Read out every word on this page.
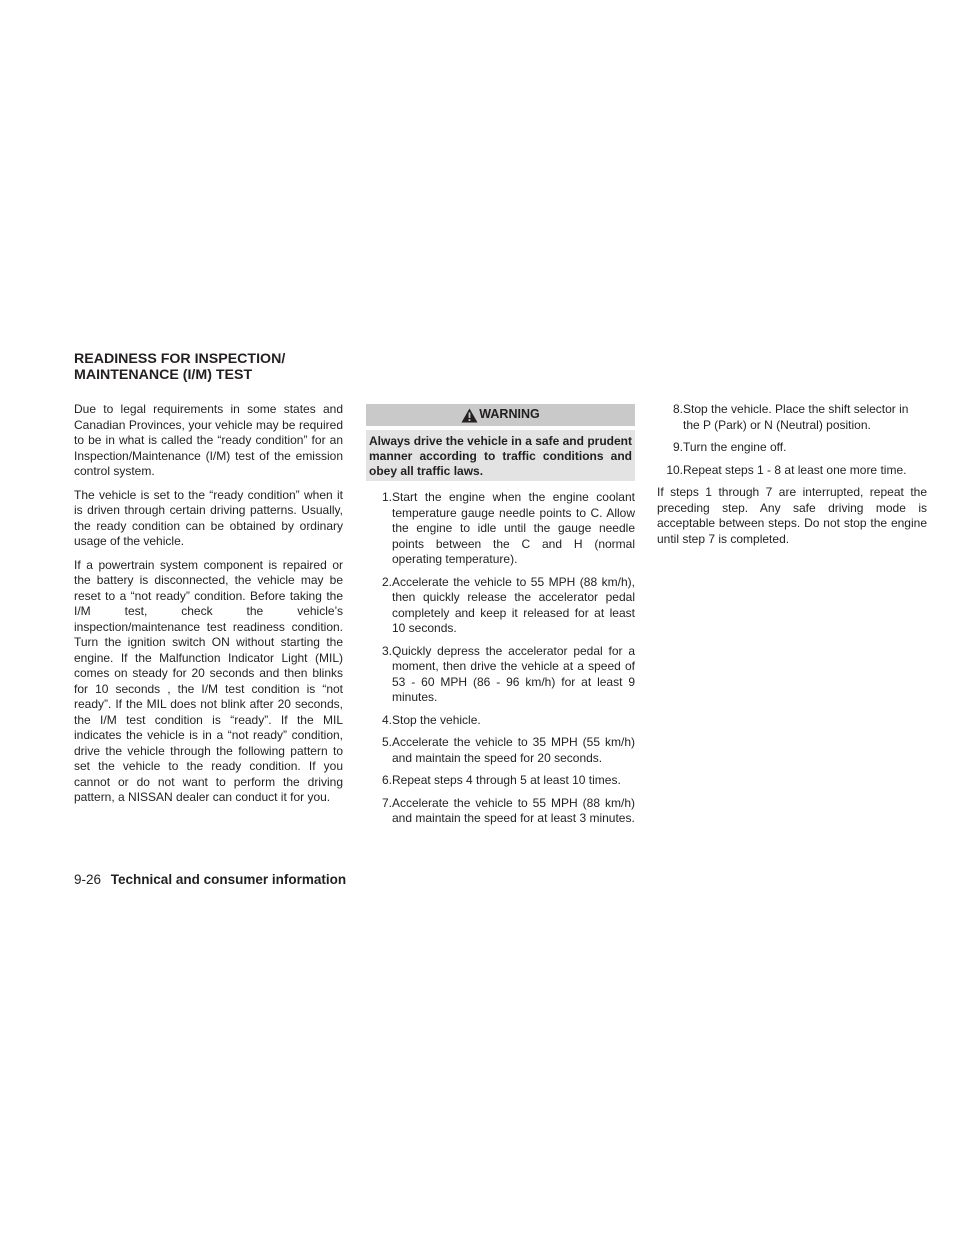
READINESS FOR INSPECTION/
MAINTENANCE (I/M) TEST

Due to legal requirements in some states and Canadian Provinces, your vehicle may be required to be in what is called the “ready condition” for an Inspection/Maintenance (I/M) test of the emission control system.

The vehicle is set to the “ready condition” when it is driven through certain driving patterns. Usually, the ready condition can be obtained by ordinary usage of the vehicle.

If a powertrain system component is repaired or the battery is disconnected, the vehicle may be reset to a “not ready” condition. Before taking the I/M test, check the vehicle’s inspection/maintenance test readiness condition. Turn the ignition switch ON without starting the engine. If the Malfunction Indicator Light (MIL) comes on steady for 20 seconds and then blinks for 10 seconds , the I/M test condition is “not ready”. If the MIL does not blink after 20 seconds, the I/M test condition is “ready”. If the MIL indicates the vehicle is in a “not ready” condition, drive the vehicle through the following pattern to set the vehicle to the ready condition. If you cannot or do not want to perform the driving pattern, a NISSAN dealer can conduct it for you.

WARNING
Always drive the vehicle in a safe and prudent manner according to traffic conditions and obey all traffic laws.
1. Start the engine when the engine coolant temperature gauge needle points to C. Allow the engine to idle until the gauge needle points between the C and H (normal operating temperature).
2. Accelerate the vehicle to 55 MPH (88 km/h), then quickly release the accelerator pedal completely and keep it released for at least 10 seconds.
3. Quickly depress the accelerator pedal for a moment, then drive the vehicle at a speed of 53 - 60 MPH (86 - 96 km/h) for at least 9 minutes.
4. Stop the vehicle.
5. Accelerate the vehicle to 35 MPH (55 km/h) and maintain the speed for 20 seconds.
6. Repeat steps 4 through 5 at least 10 times.
7. Accelerate the vehicle to 55 MPH (88 km/h) and maintain the speed for at least 3 minutes.
8. Stop the vehicle. Place the shift selector in the P (Park) or N (Neutral) position.
9. Turn the engine off.
10. Repeat steps 1 - 8 at least one more time.

If steps 1 through 7 are interrupted, repeat the preceding step. Any safe driving mode is acceptable between steps. Do not stop the engine until step 7 is completed.

9-26 Technical and consumer information
